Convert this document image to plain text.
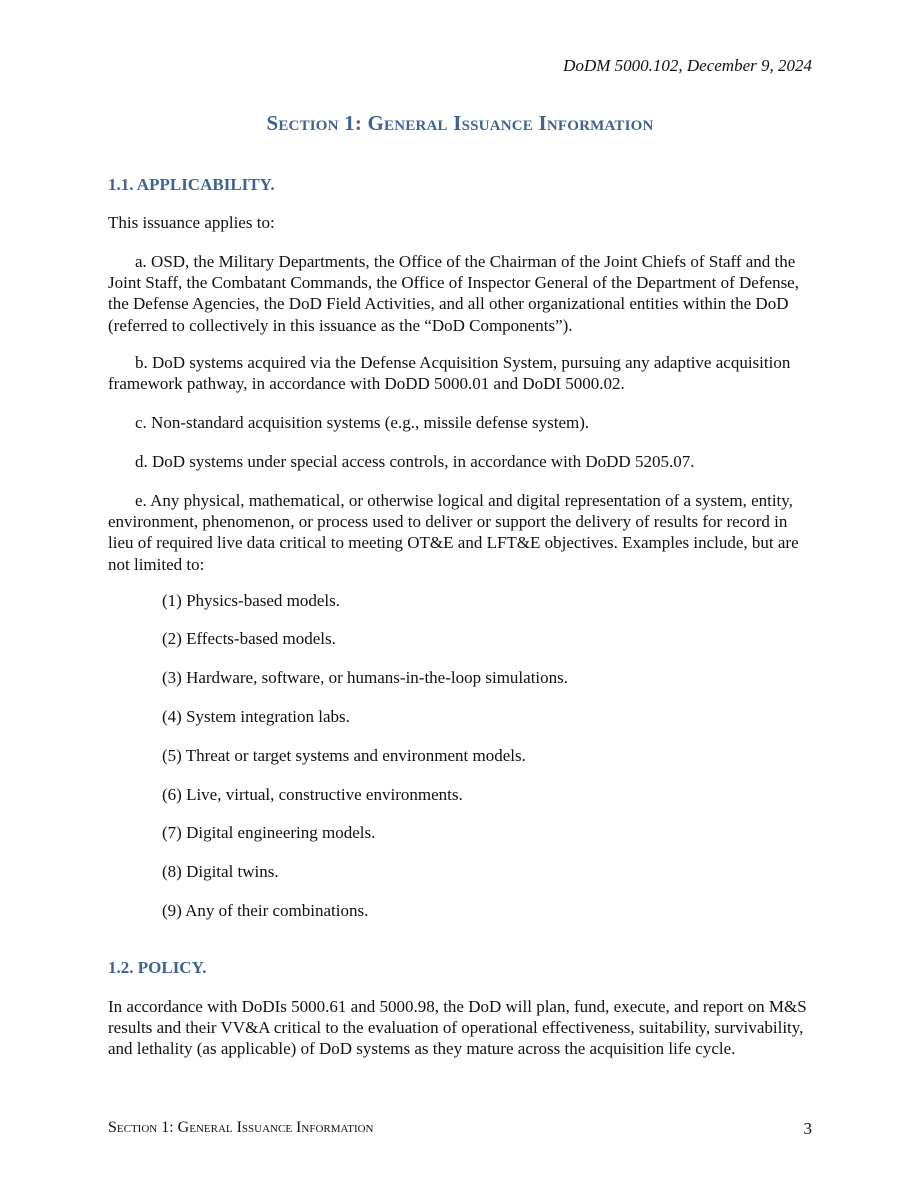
DoDM 5000.102, December 9, 2024
Section 1: General Issuance Information
1.1. APPLICABILITY.
This issuance applies to:
a. OSD, the Military Departments, the Office of the Chairman of the Joint Chiefs of Staff and the Joint Staff, the Combatant Commands, the Office of Inspector General of the Department of Defense, the Defense Agencies, the DoD Field Activities, and all other organizational entities within the DoD (referred to collectively in this issuance as the “DoD Components”).
b. DoD systems acquired via the Defense Acquisition System, pursuing any adaptive acquisition framework pathway, in accordance with DoDD 5000.01 and DoDI 5000.02.
c. Non-standard acquisition systems (e.g., missile defense system).
d. DoD systems under special access controls, in accordance with DoDD 5205.07.
e. Any physical, mathematical, or otherwise logical and digital representation of a system, entity, environment, phenomenon, or process used to deliver or support the delivery of results for record in lieu of required live data critical to meeting OT&E and LFT&E objectives. Examples include, but are not limited to:
(1) Physics-based models.
(2) Effects-based models.
(3) Hardware, software, or humans-in-the-loop simulations.
(4) System integration labs.
(5) Threat or target systems and environment models.
(6) Live, virtual, constructive environments.
(7) Digital engineering models.
(8) Digital twins.
(9) Any of their combinations.
1.2. POLICY.
In accordance with DoDIs 5000.61 and 5000.98, the DoD will plan, fund, execute, and report on M&S results and their VV&A critical to the evaluation of operational effectiveness, suitability, survivability, and lethality (as applicable) of DoD systems as they mature across the acquisition life cycle.
Section 1: General Issuance Information	3
